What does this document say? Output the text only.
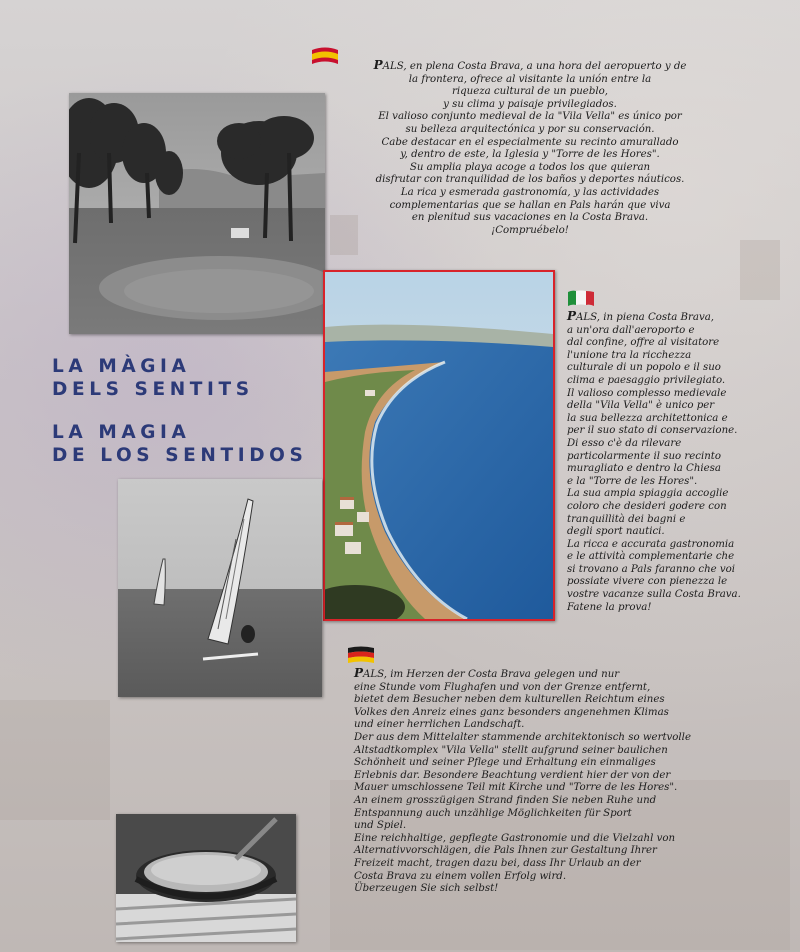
PALS, en plena Costa Brava, a una hora del aeropuerto y de

la frontera, ofrece al visitante la unión entre la

riqueza cultural de un pueblo,

y su clima y paisaje privilegiados.

El valioso conjunto medieval de la "Vila Vella" es único por

su belleza arquitectónica y por su conservación.

Cabe destacar en el especialmente su recinto amurallado

y, dentro de este, la Iglesia y "Torre de les Hores".

Su amplia playa acoge a todos los que quieran

disfrutar con tranquilidad de los baños y deportes náuticos.

La rica y esmerada gastronomía, y las actividades

complementarias que se hallan en Pals harán que viva

en plenitud sus vacaciones en la Costa Brava.

¡Compruébelo!

LA MÀGIA
DELS SENTITS
LA MAGIA
DE LOS SENTIDOS

PALS, in piena Costa Brava,

a un'ora dall'aeroporto e

dal confine, offre al visitatore

l'unione tra la ricchezza

culturale di un popolo e il suo

clima e paesaggio privilegiato.

Il valioso complesso medievale

della "Vila Vella" è unico per

la sua bellezza architettonica e

per il suo stato di conservazione.

Di esso c'è da rilevare

particolarmente il suo recinto

muragliato e dentro la Chiesa

e la "Torre de les Hores".

La sua ampia spiaggia accoglie

coloro che desideri godere con

tranquillità dei bagni e

degli sport nautici.

La ricca e accurata gastronomia

e le attività complementarie che

si trovano a Pals faranno che voi

possiate vivere con pienezza le

vostre vacanze sulla Costa Brava.

Fatene la prova!

PALS, im Herzen der Costa Brava gelegen und nur

eine Stunde vom Flughafen und von der Grenze entfernt,

bietet dem Besucher neben dem kulturellen Reichtum eines

Volkes den Anreiz eines ganz besonders angenehmen Klimas

und einer herrlichen Landschaft.

Der aus dem Mittelalter stammende architektonisch so wertvolle

Altstadtkomplex "Vila Vella" stellt aufgrund seiner baulichen

Schönheit und seiner Pflege und Erhaltung ein einmaliges

Erlebnis dar. Besondere Beachtung verdient hier der von der

Mauer umschlossene Teil mit Kirche und "Torre de les Hores".

An einem grosszügigen Strand finden Sie neben Ruhe und

Entspannung auch unzählige Möglichkeiten für Sport

und Spiel.

Eine reichhaltige, gepflegte Gastronomie und die Vielzahl von

Alternativvorschlägen, die Pals Ihnen zur Gestaltung Ihrer

Freizeit macht, tragen dazu bei, dass Ihr Urlaub an der

Costa Brava zu einem vollen Erfolg wird.

Überzeugen Sie sich selbst!
